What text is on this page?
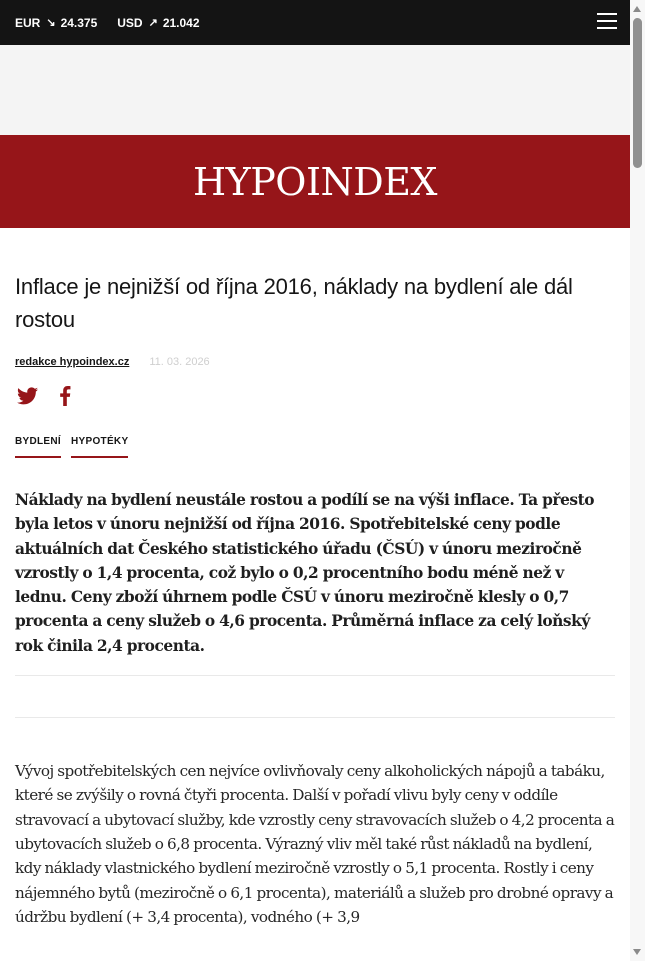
EUR ↘ 24.375 USD ↗ 21.042
HYPOINDEX
Inflace je nejnižší od října 2016, náklady na bydlení ale dál rostou
redakce hypoindex.cz 11. 03. 2026
BYDLENÍ HYPOTÉKY

Náklady na bydlení neustále rostou a podílí se na výši inflace. Ta přesto byla letos v únoru nejnižší od října 2016. Spotřebitelské ceny podle aktuálních dat Českého statistického úřadu (ČSÚ) v únoru meziročně vzrostly o 1,4 procenta, což bylo o 0,2 procentního bodu méně než v lednu. Ceny zboží úhrnem podle ČSÚ v únoru meziročně klesly o 0,7 procenta a ceny služeb o 4,6 procenta. Průměrná inflace za celý loňský rok činila 2,4 procenta.

Vývoj spotřebitelských cen nejvíce ovlivňovaly ceny alkoholických nápojů a tabáku, které se zvýšily o rovná čtyři procenta. Další v pořadí vlivu byly ceny v oddíle stravovací a ubytovací služby, kde vzrostly ceny stravovacích služeb o 4,2 procenta a ubytovacích služeb o 6,8 procenta. Výrazný vliv měl také růst nákladů na bydlení, kdy náklady vlastnického bydlení meziročně vzrostly o 5,1 procenta. Rostly i ceny nájemného bytů (meziročně o 6,1 procenta), materiálů a služeb pro drobné opravy a údržbu bydlení (+ 3,4 procenta), vodného (+ 3,9
